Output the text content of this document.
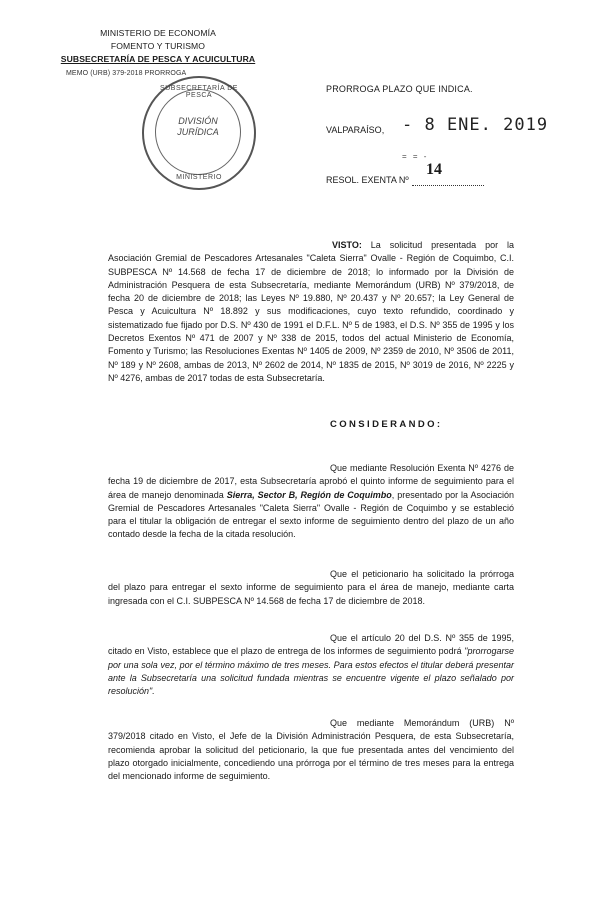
MINISTERIO DE ECONOMÍA
FOMENTO Y TURISMO
SUBSECRETARÍA DE PESCA Y ACUICULTURA
MEMO (URB) 379-2018 PRORROGA
SUBSECRETARÍA DE PESCA
DIVISIÓN
JURÍDICA
MINISTERIO
PRORROGA PLAZO QUE INDICA.
VALPARAÍSO, - 8 ENE. 2019
= = -
RESOL. EXENTA Nº
14
VISTO: La solicitud presentada por la Asociación Gremial de Pescadores Artesanales "Caleta Sierra" Ovalle - Región de Coquimbo, C.I. SUBPESCA Nº 14.568 de fecha 17 de diciembre de 2018; lo informado por la División de Administración Pesquera de esta Subsecretaría, mediante Memorándum (URB) Nº 379/2018, de fecha 20 de diciembre de 2018; las Leyes Nº 19.880, Nº 20.437 y Nº 20.657; la Ley General de Pesca y Acuicultura Nº 18.892 y sus modificaciones, cuyo texto refundido, coordinado y sistematizado fue fijado por D.S. Nº 430 de 1991 el D.F.L. Nº 5 de 1983, el D.S. Nº 355 de 1995 y los Decretos Exentos Nº 471 de 2007 y Nº 338 de 2015, todos del actual Ministerio de Economía, Fomento y Turismo; las Resoluciones Exentas Nº 1405 de 2009, Nº 2359 de 2010, Nº 3506 de 2011, Nº 189 y Nº 2608, ambas de 2013, Nº 2602 de 2014, Nº 1835 de 2015, Nº 3019 de 2016, Nº 2225 y Nº 4276, ambas de 2017 todas de esta Subsecretaría.
CONSIDERANDO:
Que mediante Resolución Exenta Nº 4276 de fecha 19 de diciembre de 2017, esta Subsecretaría aprobó el quinto informe de seguimiento para el área de manejo denominada Sierra, Sector B, Región de Coquimbo, presentado por la Asociación Gremial de Pescadores Artesanales "Caleta Sierra" Ovalle - Región de Coquimbo y se estableció para el titular la obligación de entregar el sexto informe de seguimiento dentro del plazo de un año contado desde la fecha de la citada resolución.
Que el peticionario ha solicitado la prórroga del plazo para entregar el sexto informe de seguimiento para el área de manejo, mediante carta ingresada con el C.I. SUBPESCA Nº 14.568 de fecha 17 de diciembre de 2018.
Que el artículo 20 del D.S. Nº 355 de 1995, citado en Visto, establece que el plazo de entrega de los informes de seguimiento podrá "prorrogarse por una sola vez, por el término máximo de tres meses. Para estos efectos el titular deberá presentar ante la Subsecretaría una solicitud fundada mientras se encuentre vigente el plazo señalado por resolución".
Que mediante Memorándum (URB) Nº 379/2018 citado en Visto, el Jefe de la División Administración Pesquera, de esta Subsecretaría, recomienda aprobar la solicitud del peticionario, la que fue presentada antes del vencimiento del plazo otorgado inicialmente, concediendo una prórroga por el término de tres meses para la entrega del mencionado informe de seguimiento.
